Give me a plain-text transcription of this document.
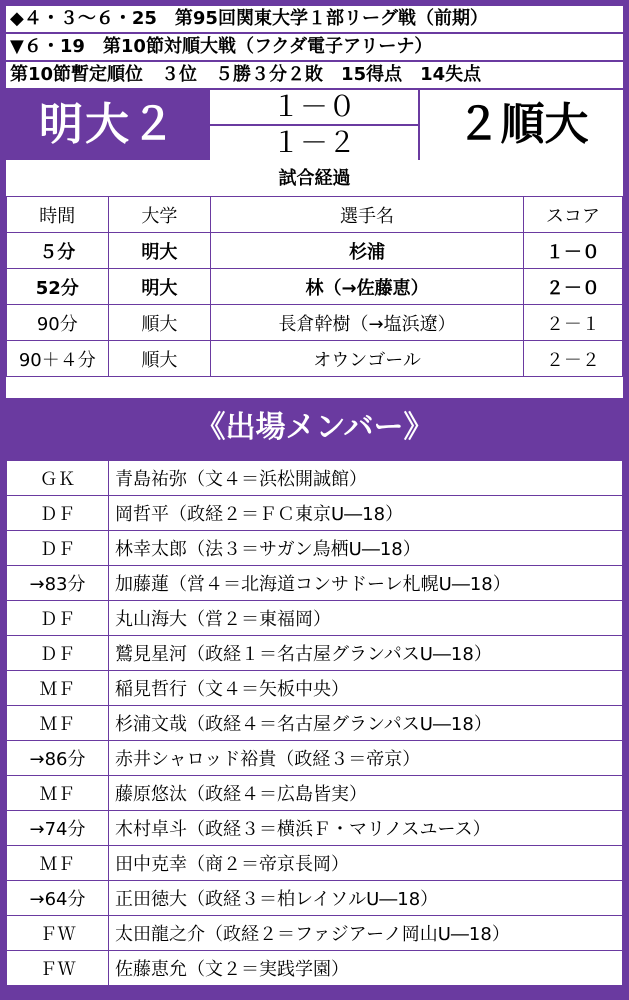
◆４・３～６・25　第95回関東大学１部リーグ戦（前期）
▼６・19　第10節対順大戦（フクダ電子アリーナ）
第10節暫定順位　３位　５勝３分２敗　15得点　14失点
明大２	１－０
１－２	２順大
試合経過
時間	大学	選手名	スコア
５分	明大	杉浦	１－０
52分	明大	林（→佐藤恵）	２－０
90分	順大	長倉幹樹（→塩浜遼）	２－１
90＋４分	順大	オウンゴール	２－２
《出場メンバー》
ＧＫ	青島祐弥（文４＝浜松開誠館）
ＤＦ	岡哲平（政経２＝ＦＣ東京U―18）
ＤＦ	林幸太郎（法３＝サガン鳥栖U―18）
→83分	加藤蓮（営４＝北海道コンサドーレ札幌U―18）
ＤＦ	丸山海大（営２＝東福岡）
ＤＦ	鷲見星河（政経１＝名古屋グランパスU―18）
ＭＦ	稲見哲行（文４＝矢板中央）
ＭＦ	杉浦文哉（政経４＝名古屋グランパスU―18）
→86分	赤井シャロッド裕貴（政経３＝帝京）
ＭＦ	藤原悠汰（政経４＝広島皆実）
→74分	木村卓斗（政経３＝横浜Ｆ・マリノスユース）
ＭＦ	田中克幸（商２＝帝京長岡）
→64分	正田徳大（政経３＝柏レイソルU―18）
ＦＷ	太田龍之介（政経２＝ファジアーノ岡山U―18）
ＦＷ	佐藤恵允（文２＝実践学園）
